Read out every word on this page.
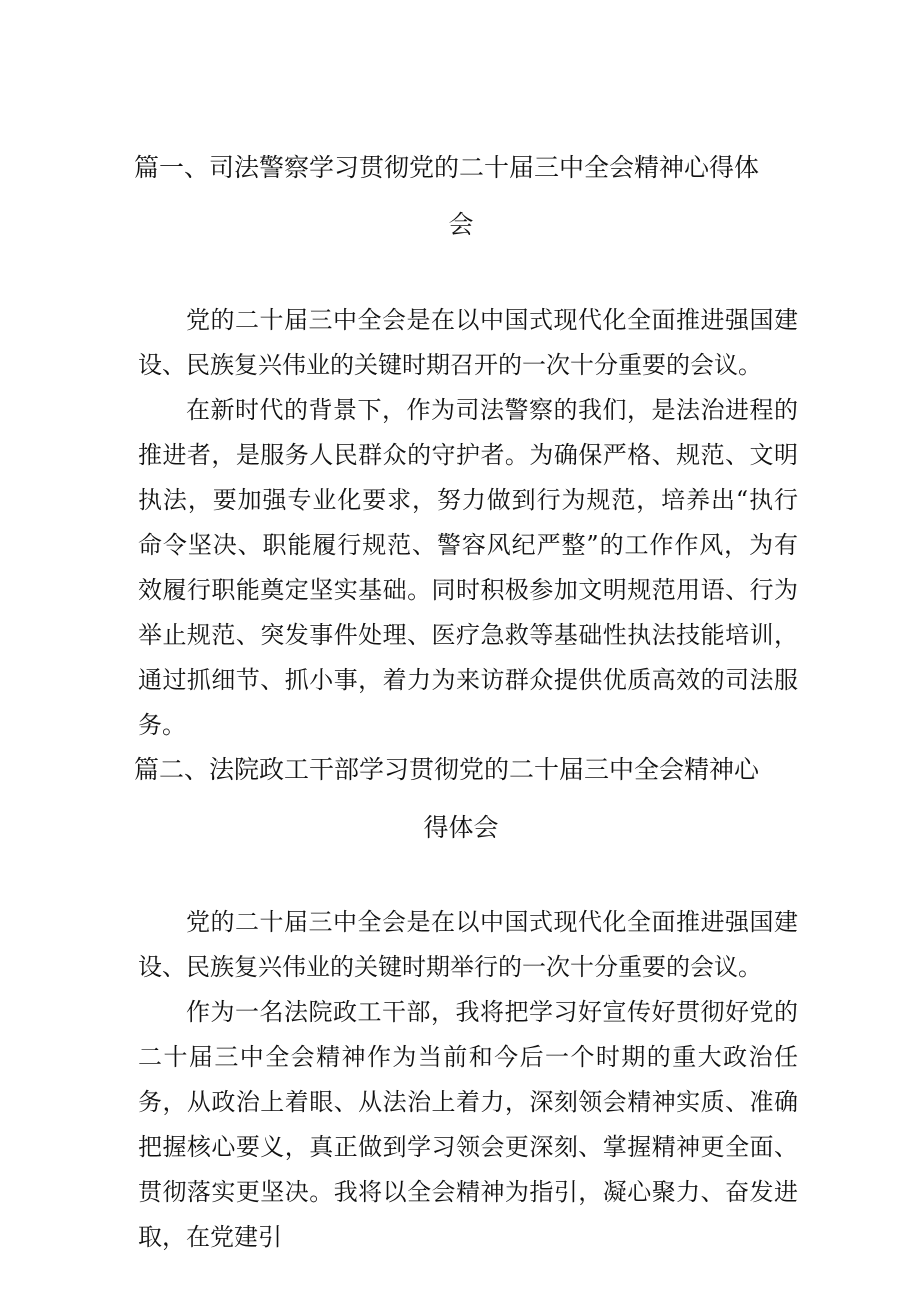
篇一、司法警察学习贯彻党的二十届三中全会精神心得体
会

党的二十届三中全会是在以中国式现代化全面推进强国建设、民族复兴伟业的关键时期召开的一次十分重要的会议。

在新时代的背景下，作为司法警察的我们，是法治进程的推进者，是服务人民群众的守护者。为确保严格、规范、文明执法，要加强专业化要求，努力做到行为规范，培养出“执行命令坚决、职能履行规范、警容风纪严整”的工作作风，为有效履行职能奠定坚实基础。同时积极参加文明规范用语、行为举止规范、突发事件处理、医疗急救等基础性执法技能培训，通过抓细节、抓小事，着力为来访群众提供优质高效的司法服务。

篇二、法院政工干部学习贯彻党的二十届三中全会精神心
得体会

党的二十届三中全会是在以中国式现代化全面推进强国建设、民族复兴伟业的关键时期举行的一次十分重要的会议。

作为一名法院政工干部，我将把学习好宣传好贯彻好党的二十届三中全会精神作为当前和今后一个时期的重大政治任务，从政治上着眼、从法治上着力，深刻领会精神实质、准确把握核心要义，真正做到学习领会更深刻、掌握精神更全面、贯彻落实更坚决。我将以全会精神为指引，凝心聚力、奋发进取，在党建引
